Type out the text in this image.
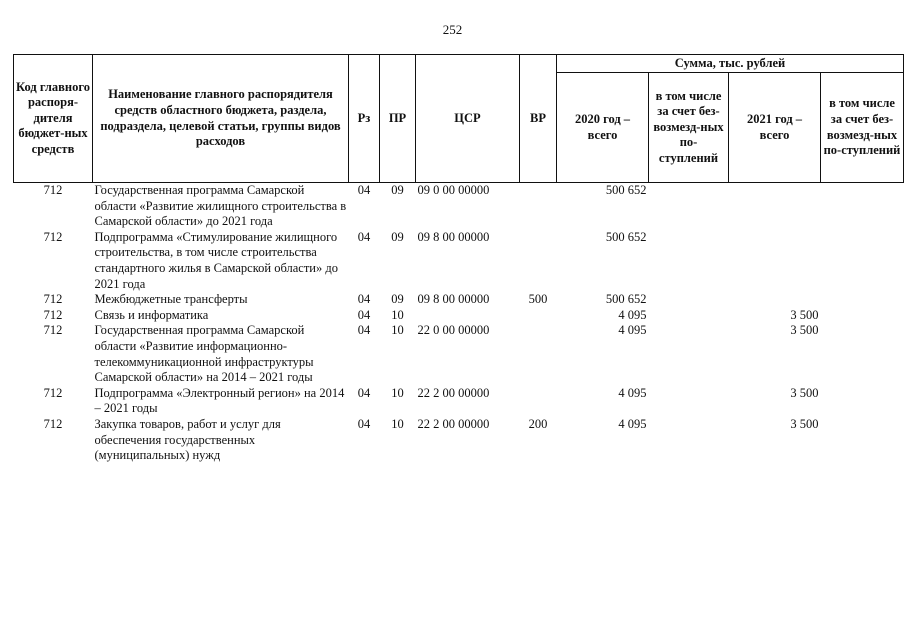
252
Код главного распоря-дителя бюджет-ных средств	Наименование главного распорядителя средств областного бюджета, раздела, подраздела, целевой статьи, группы видов расходов	Рз	ПР	ЦСР	ВР	Сумма, тыс. рублей			
						2020 год – всего	в том числе за счет без-возмезд-ных по-ступлений	2021 год – всего	в том числе за счет без-возмезд-ных по-ступлений
712	Государственная программа Самарской области «Развитие жилищного строительства в Самарской области» до 2021 года	04	09	09 0 00 00000		500 652			
712	Подпрограмма «Стимулирование жилищного строительства, в том числе строительства стандартного жилья в Самарской области» до 2021 года	04	09	09 8 00 00000		500 652			
712	Межбюджетные трансферты	04	09	09 8 00 00000	500	500 652			
712	Связь и информатика	04	10			4 095		3 500	
712	Государственная программа Самарской области «Развитие информационно-телекоммуникационной инфраструктуры Самарской области» на 2014 – 2021 годы	04	10	22 0 00 00000		4 095		3 500	
712	Подпрограмма «Электронный регион» на 2014 – 2021 годы	04	10	22 2 00 00000		4 095		3 500	
712	Закупка товаров, работ и услуг для обеспечения государственных (муниципальных) нужд	04	10	22 2 00 00000	200	4 095		3 500	
